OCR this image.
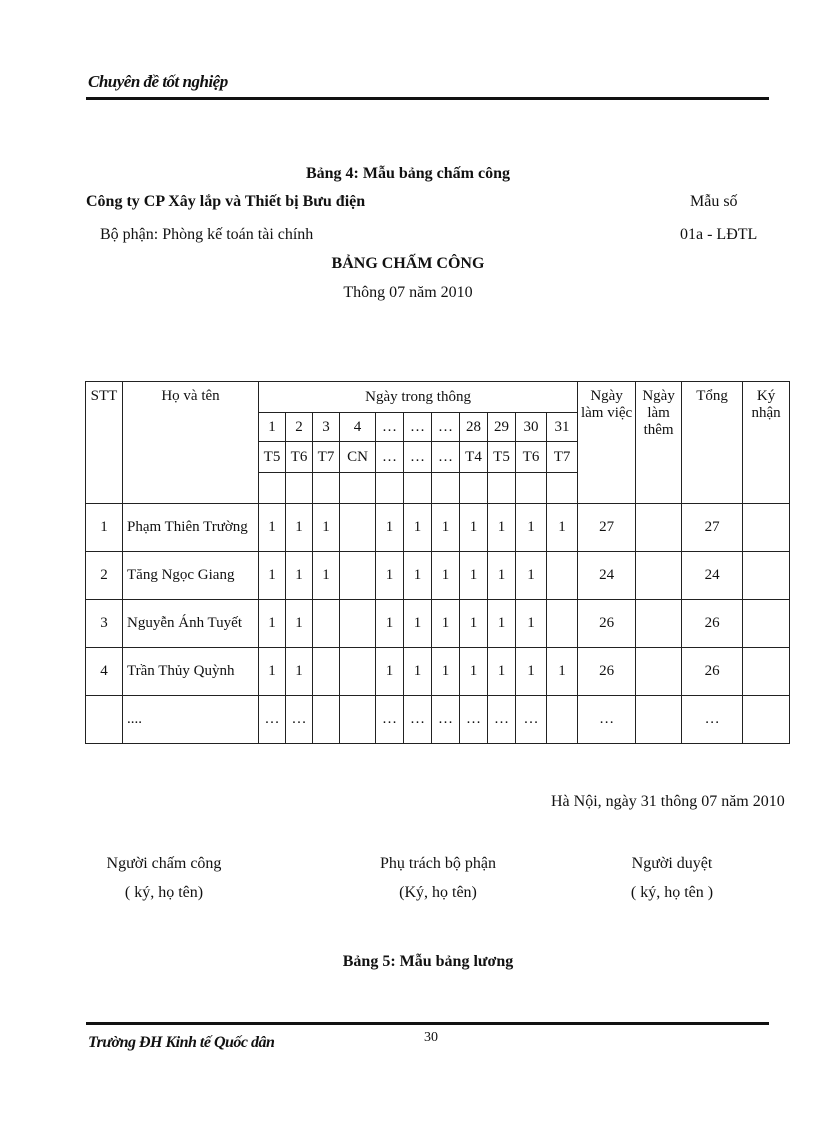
Chuyên đề tốt nghiệp
Bảng 4: Mẫu bảng chấm công
Công ty CP Xây lắp và Thiết bị Bưu điện	Mẫu số
Bộ phận: Phòng kế toán tài chính	01a - LĐTL
BẢNG CHẤM CÔNG
Thông 07 năm 2010
STT	Họ và tên	Ngày trong thông											Ngày làm việc	Ngày làm thêm	Tổng	Ký nhận
		1	2	3	4	…	…	…	28	29	30	31				
		T5	T6	T7	CN	…	…	…	T4	T5	T6	T7				

1	Phạm Thiên Trường	1	1	1		1	1	1	1	1	1	1	27		27	
2	Tăng Ngọc Giang	1	1	1		1	1	1	1	1	1		24		24	
3	Nguyễn Ánh Tuyết	1	1			1	1	1	1	1	1		26		26	
4	Trần Thủy Quỳnh	1	1			1	1	1	1	1	1	1	26		26	
	....	…	…			…	…	…	…	…	…		…		…	
Hà Nội, ngày 31 thông 07 năm 2010
Người chấm công
( ký, họ tên)
Phụ trách bộ phận
(Ký, họ tên)
Người duyệt
( ký, họ tên )
Bảng 5: Mẫu bảng lương
Trường ĐH Kinh tế Quốc dân	30
